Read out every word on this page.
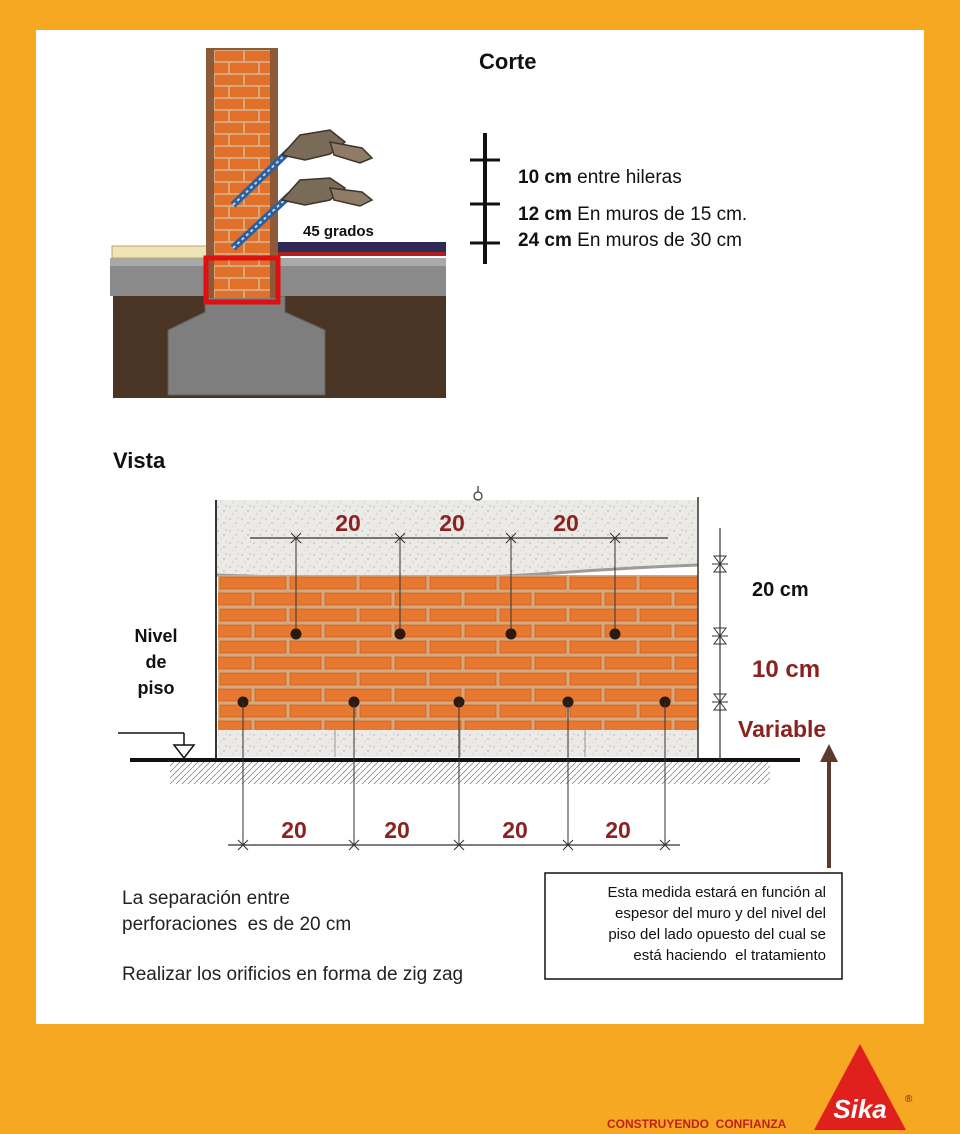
Corte
45 grados
10 cm entre hileras
12 cm En muros de 15 cm.
24 cm En muros de 30 cm
Vista
20	20	20
20	20	20	20
20 cm
10 cm
Variable
Nivel
de
piso
La separación entre
perforaciones  es de 20 cm
Realizar los orificios en forma de zig zag
Esta medida estará en función al
espesor del muro y del nivel del
piso del lado opuesto del cual se
está haciendo  el tratamiento
CONSTRUYENDO  CONFIANZA Sika ®
